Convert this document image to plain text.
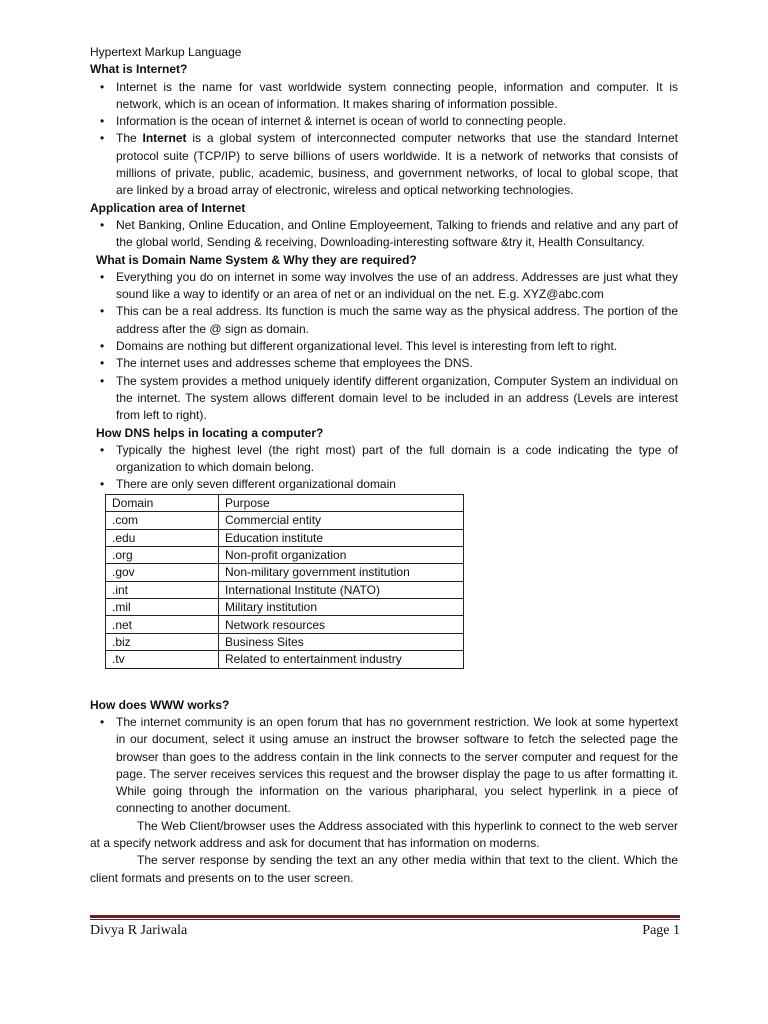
Hypertext Markup Language
What is Internet?
• Internet is the name for vast worldwide system connecting people, information and computer. It is network, which is an ocean of information. It makes sharing of information possible.
• Information is the ocean of internet & internet is ocean of world to connecting people.
• The Internet is a global system of interconnected computer networks that use the standard Internet protocol suite (TCP/IP) to serve billions of users worldwide. It is a network of networks that consists of millions of private, public, academic, business, and government networks, of local to global scope, that are linked by a broad array of electronic, wireless and optical networking technologies.
Application area of Internet
• Net Banking, Online Education, and Online Employeement, Talking to friends and relative and any part of the global world, Sending & receiving, Downloading-interesting software &try it, Health Consultancy.
What is Domain Name System & Why they are required?
• Everything you do on internet in some way involves the use of an address. Addresses are just what they sound like a way to identify or an area of net or an individual on the net. E.g. XYZ@abc.com
• This can be a real address. Its function is much the same way as the physical address. The portion of the address after the @ sign as domain.
• Domains are nothing but different organizational level. This level is interesting from left to right.
• The internet uses and addresses scheme that employees the DNS.
• The system provides a method uniquely identify different organization, Computer System an individual on the internet. The system allows different domain level to be included in an address (Levels are interest from left to right).
How DNS helps in locating a computer?
• Typically the highest level (the right most) part of the full domain is a code indicating the type of organization to which domain belong.
• There are only seven different organizational domain
Domain	Purpose
.com	Commercial entity
.edu	Education institute
.org	Non-profit organization
.gov	Non-military government institution
.int	International Institute (NATO)
.mil	Military institution
.net	Network resources
.biz	Business Sites
.tv	Related to entertainment industry
How does WWW works?
• The internet community is an open forum that has no government restriction. We look at some hypertext in our document, select it using amuse an instruct the browser software to fetch the selected page the browser than goes to the address contain in the link connects to the server computer and request for the page. The server receives services this request and the browser display the page to us after formatting it. While going through the information on the various pharipharal, you select hyperlink in a piece of connecting to another document.

The Web Client/browser uses the Address associated with this hyperlink to connect to the web server at a specify network address and ask for document that has information on moderns.

The server response by sending the text an any other media within that text to the client. Which the client formats and presents on to the user screen.

Divya R Jariwala	Page 1
